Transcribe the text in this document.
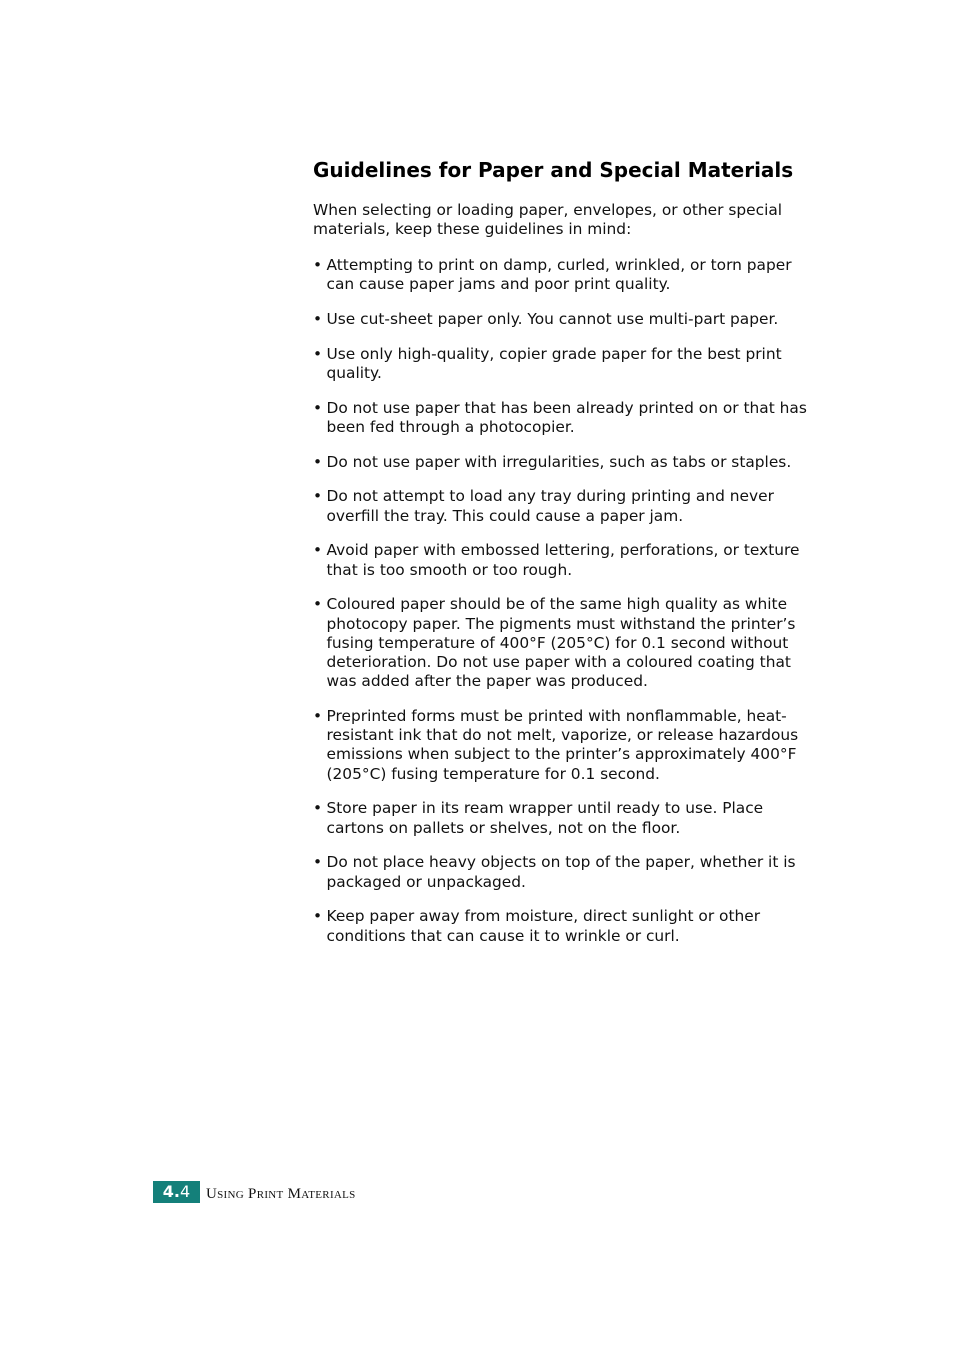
Guidelines for Paper and Special Materials

When selecting or loading paper, envelopes, or other special materials, keep these guidelines in mind:

• Attempting to print on damp, curled, wrinkled, or torn paper can cause paper jams and poor print quality.
• Use cut-sheet paper only. You cannot use multi-part paper.
• Use only high-quality, copier grade paper for the best print quality.
• Do not use paper that has been already printed on or that has been fed through a photocopier.
• Do not use paper with irregularities, such as tabs or staples.
• Do not attempt to load any tray during printing and never overfill the tray. This could cause a paper jam.
• Avoid paper with embossed lettering, perforations, or texture that is too smooth or too rough.
• Coloured paper should be of the same high quality as white photocopy paper. The pigments must withstand the printer’s fusing temperature of 400°F (205°C) for 0.1 second without deterioration. Do not use paper with a coloured coating that was added after the paper was produced.
• Preprinted forms must be printed with nonflammable, heat-resistant ink that do not melt, vaporize, or release hazardous emissions when subject to the printer’s approximately 400°F (205°C) fusing temperature for 0.1 second.
• Store paper in its ream wrapper until ready to use. Place cartons on pallets or shelves, not on the floor.
• Do not place heavy objects on top of the paper, whether it is packaged or unpackaged.
• Keep paper away from moisture, direct sunlight or other conditions that can cause it to wrinkle or curl.
4. 4 Using Print Materials
